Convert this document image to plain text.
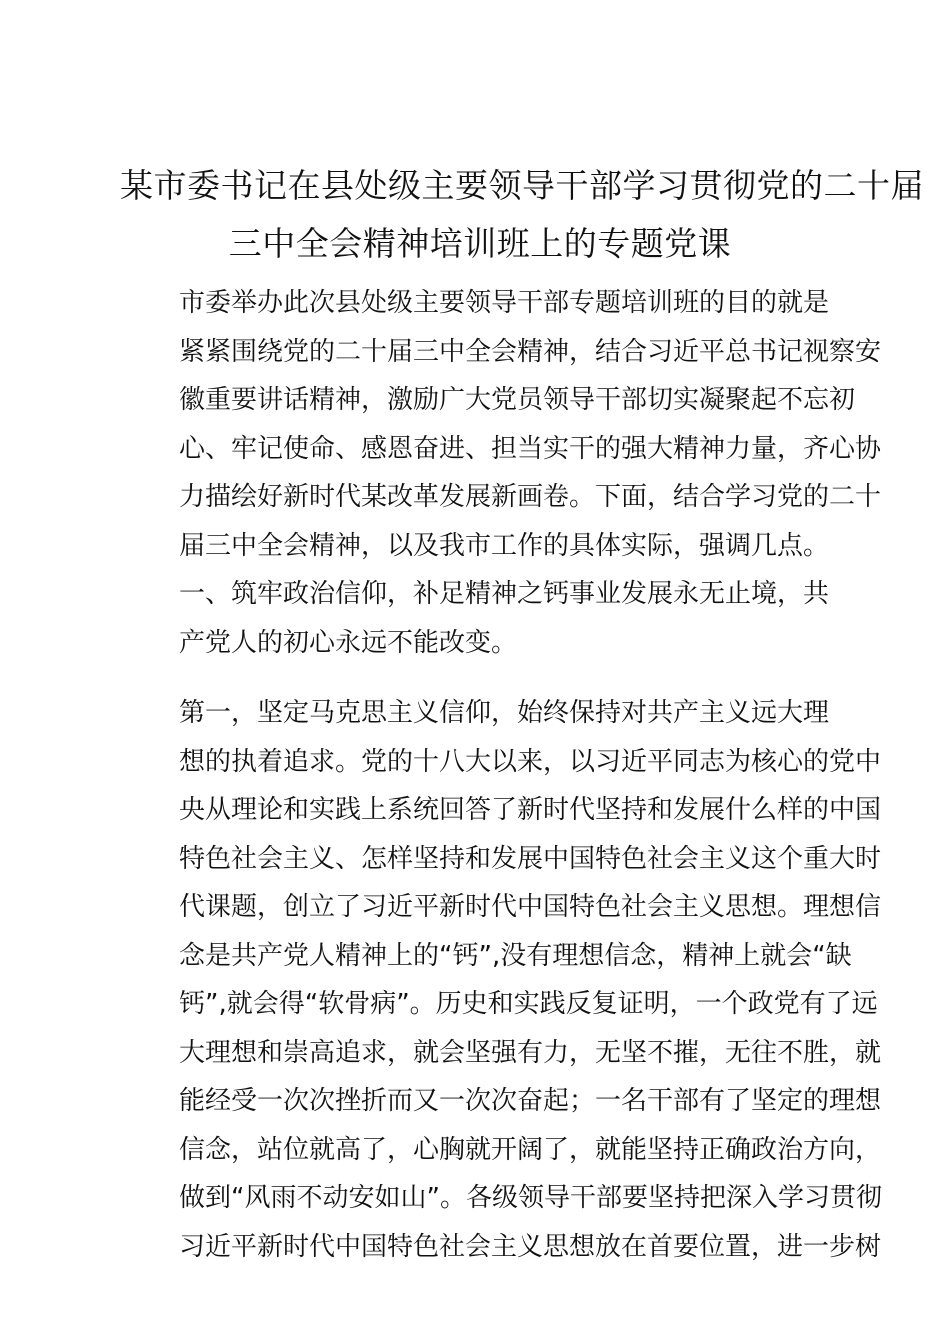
某市委书记在县处级主要领导干部学习贯彻党的二十届
三中全会精神培训班上的专题党课
市委举办此次县处级主要领导干部专题培训班的目的就是
紧紧围绕党的二十届三中全会精神，结合习近平总书记视察安
徽重要讲话精神，激励广大党员领导干部切实凝聚起不忘初
心、牢记使命、感恩奋进、担当实干的强大精神力量，齐心协
力描绘好新时代某改革发展新画卷。下面，结合学习党的二十
届三中全会精神，以及我市工作的具体实际，强调几点。
一、筑牢政治信仰，补足精神之钙事业发展永无止境，共
产党人的初心永远不能改变。
第一，坚定马克思主义信仰，始终保持对共产主义远大理
想的执着追求。党的十八大以来，以习近平同志为核心的党中
央从理论和实践上系统回答了新时代坚持和发展什么样的中国
特色社会主义、怎样坚持和发展中国特色社会主义这个重大时
代课题，创立了习近平新时代中国特色社会主义思想。理想信
念是共产党人精神上的“钙”,没有理想信念，精神上就会“缺
钙”,就会得“软骨病”。历史和实践反复证明，一个政党有了远
大理想和崇高追求，就会坚强有力，无坚不摧，无往不胜，就
能经受一次次挫折而又一次次奋起；一名干部有了坚定的理想
信念，站位就高了，心胸就开阔了，就能坚持正确政治方向，
做到“风雨不动安如山”。各级领导干部要坚持把深入学习贯彻
习近平新时代中国特色社会主义思想放在首要位置，进一步树
